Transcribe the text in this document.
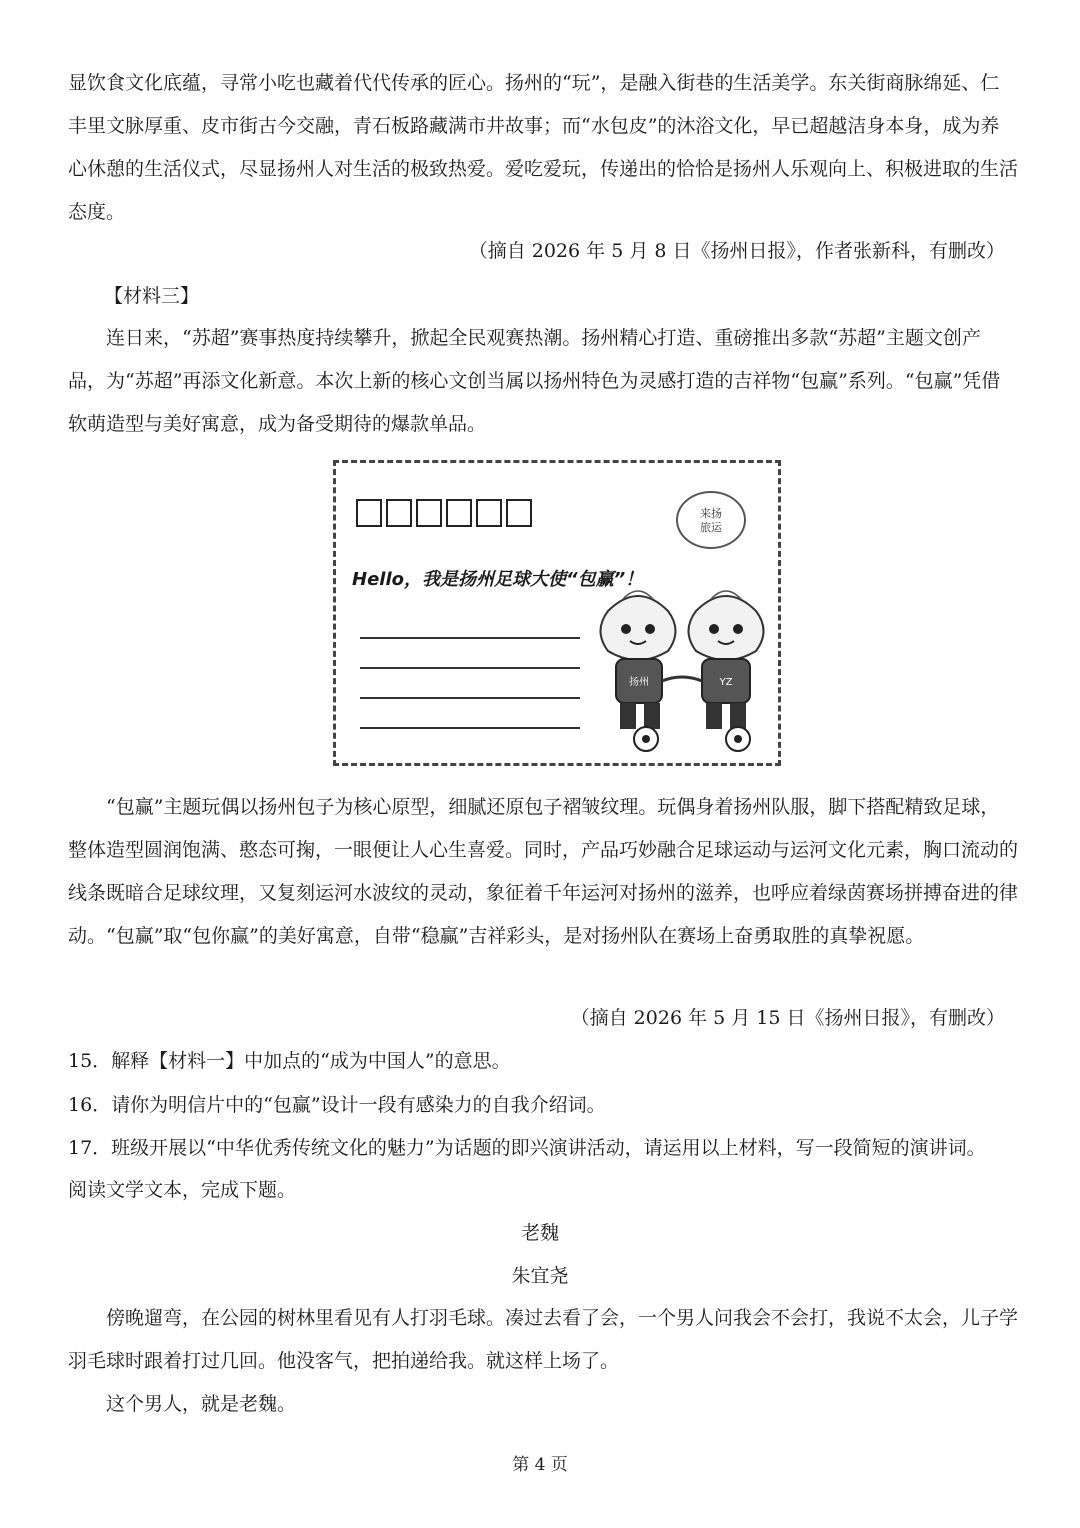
显饮食文化底蕴，寻常小吃也藏着代代传承的匠心。扬州的“玩”，是融入街巷的生活美学。东关街商脉绵延、仁丰里文脉厚重、皮市街古今交融，青石板路藏满市井故事；而“水包皮”的沐浴文化，早已超越洁身本身，成为养心休憩的生活仪式，尽显扬州人对生活的极致热爱。爱吃爱玩，传递出的恰恰是扬州人乐观向上、积极进取的生活态度。

（摘自 2026 年 5 月 8 日《扬州日报》，作者张新科，有删改）
【材料三】

连日来，“苏超”赛事热度持续攀升，掀起全民观赛热潮。扬州精心打造、重磅推出多款“苏超”主题文创产品，为“苏超”再添文化新意。本次上新的核心文创当属以扬州特色为灵感打造的吉祥物“包赢”系列。“包赢”凭借软萌造型与美好寓意，成为备受期待的爆款单品。

来扬
旅运
Hello，我是扬州足球大使“包赢”！
扬州	YZ

“包赢”主题玩偶以扬州包子为核心原型，细腻还原包子褶皱纹理。玩偶身着扬州队服，脚下搭配精致足球，整体造型圆润饱满、憨态可掬，一眼便让人心生喜爱。同时，产品巧妙融合足球运动与运河文化元素，胸口流动的线条既暗合足球纹理，又复刻运河水波纹的灵动，象征着千年运河对扬州的滋养，也呼应着绿茵赛场拼搏奋进的律动。“包赢”取“包你赢”的美好寓意，自带“稳赢”吉祥彩头，是对扬州队在赛场上奋勇取胜的真挚祝愿。

（摘自 2026 年 5 月 15 日《扬州日报》，有删改）
15．解释【材料一】中加点的“成为中国人”的意思。
16．请你为明信片中的“包赢”设计一段有感染力的自我介绍词。
17．班级开展以“中华优秀传统文化的魅力”为话题的即兴演讲活动，请运用以上材料，写一段简短的演讲词。
阅读文学文本，完成下题。
老魏
朱宜尧

傍晚遛弯，在公园的树林里看见有人打羽毛球。凑过去看了会，一个男人问我会不会打，我说不太会，儿子学羽毛球时跟着打过几回。他没客气，把拍递给我。就这样上场了。

这个男人，就是老魏。

第 4 页
